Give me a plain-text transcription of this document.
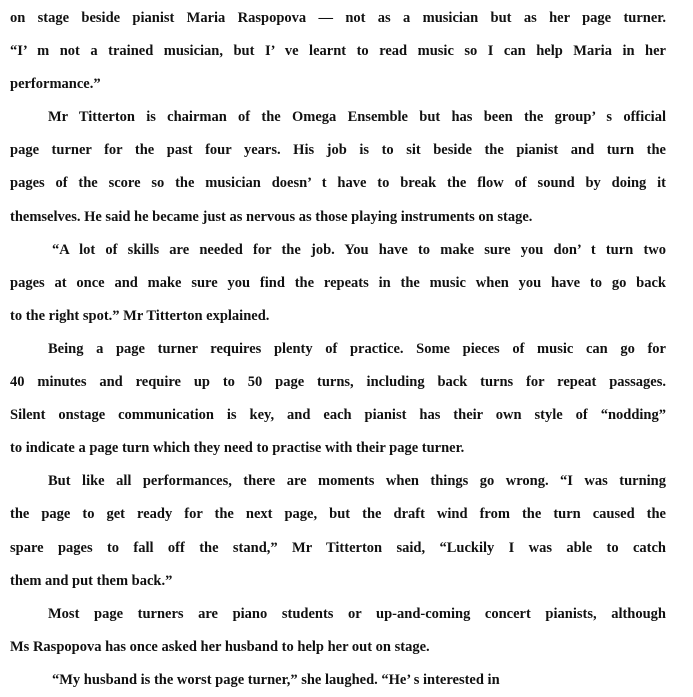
on stage beside pianist Maria Raspopova — not as a musician but as her page turner.
“I’ m not a trained musician, but I’ ve learnt to read music so I can help Maria in her
performance.”
Mr Titterton is chairman of the Omega Ensemble but has been the group’ s official
page turner for the past four years. His job is to sit beside the pianist and turn the
pages of the score so the musician doesn’ t have to break the flow of sound by doing it
themselves. He said he became just as nervous as those playing instruments on stage.
“A lot of skills are needed for the job. You have to make sure you don’ t turn two
pages at once and make sure you find the repeats in the music when you have to go back
to the right spot.” Mr Titterton explained.
Being a page turner requires plenty of practice. Some pieces of music can go for
40 minutes and require up to 50 page turns, including back turns for repeat passages.
Silent onstage communication is key, and each pianist has their own style of “nodding”
to indicate a page turn which they need to practise with their page turner.
But like all performances, there are moments when things go wrong. “I was turning
the page to get ready for the next page, but the draft wind from the turn caused the
spare pages to fall off the stand,” Mr Titterton said, “Luckily I was able to catch
them and put them back.”
Most page turners are piano students or up-and-coming concert pianists, although
Ms Raspopova has once asked her husband to help her out on stage.
“My husband is the worst page turner,” she laughed. “He’ s interested in
